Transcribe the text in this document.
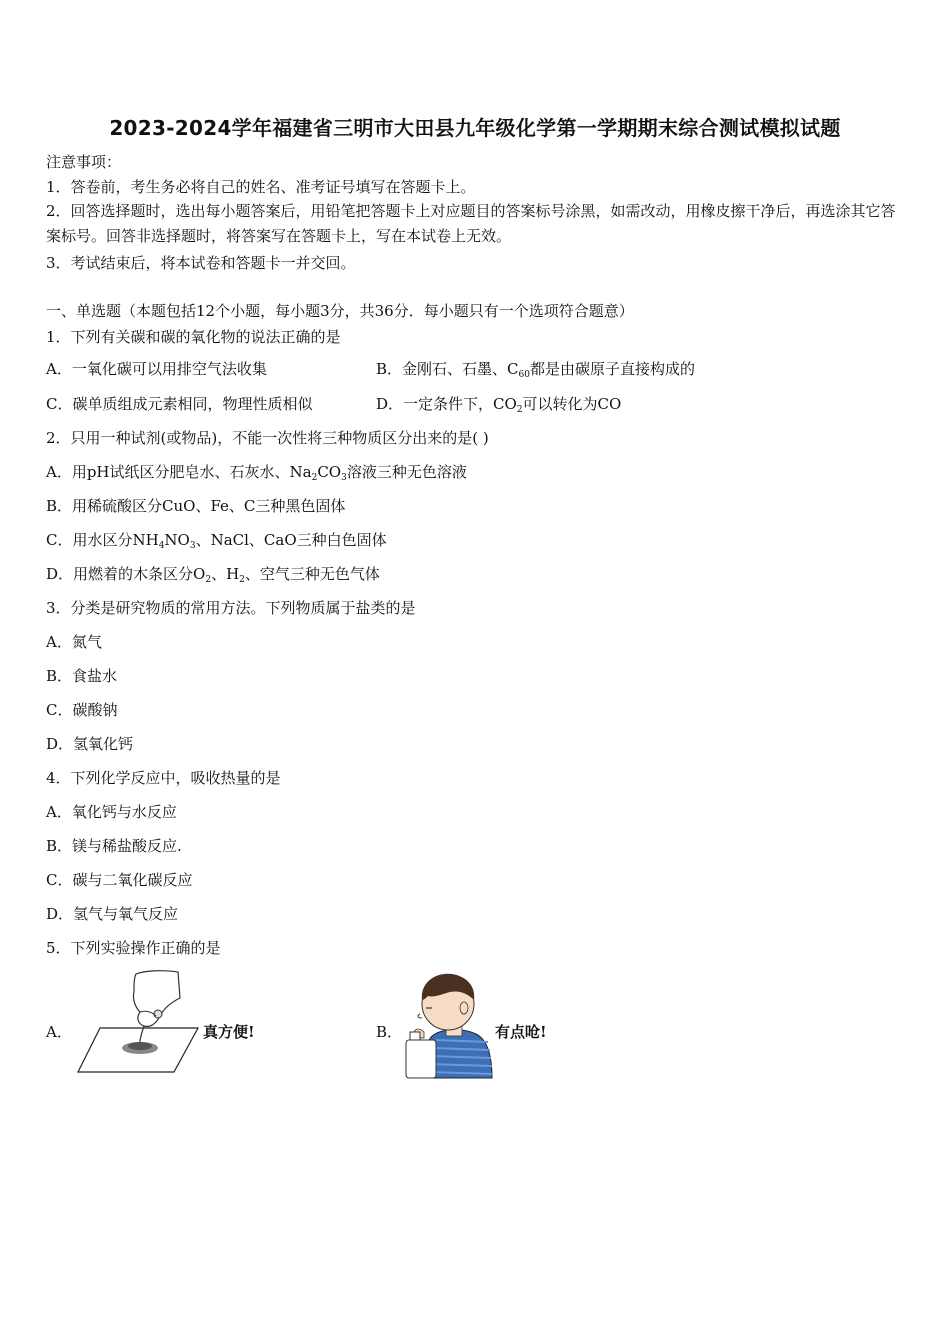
2023-2024学年福建省三明市大田县九年级化学第一学期期末综合测试模拟试题
注意事项：
1．答卷前，考生务必将自己的姓名、准考证号填写在答题卡上。
2．回答选择题时，选出每小题答案后，用铅笔把答题卡上对应题目的答案标号涂黑，如需改动，用橡皮擦干净后，再选涂其它答案标号。回答非选择题时，将答案写在答题卡上，写在本试卷上无效。
3．考试结束后，将本试卷和答题卡一并交回。
一、单选题（本题包括12个小题，每小题3分，共36分．每小题只有一个选项符合题意）
1．下列有关碳和碳的氧化物的说法正确的是
A．一氧化碳可以用排空气法收集	B．金刚石、石墨、$C_{60}$都是由碳原子直接构成的
C．碳单质组成元素相同，物理性质相似	D．一定条件下，$CO_2$可以转化为CO
2．只用一种试剂(或物品)，不能一次性将三种物质区分出来的是( )
A．用pH试纸区分肥皂水、石灰水、$Na_2CO_3$溶液三种无色溶液
B．用稀硫酸区分CuO、Fe、C三种黑色固体
C．用水区分$NH_4NO_3$、NaCl、CaO三种白色固体
D．用燃着的木条区分$O_2$、$H_2$、空气三种无色气体
3．分类是研究物质的常用方法。下列物质属于盐类的是
A．氮气
B．食盐水
C．碳酸钠
D．氢氧化钙
4．下列化学反应中，吸收热量的是
A．氧化钙与水反应
B．镁与稀盐酸反应.
C．碳与二氧化碳反应
D．氢气与氧气反应
5．下列实验操作正确的是
A．	真方便!	B．	有点呛!
